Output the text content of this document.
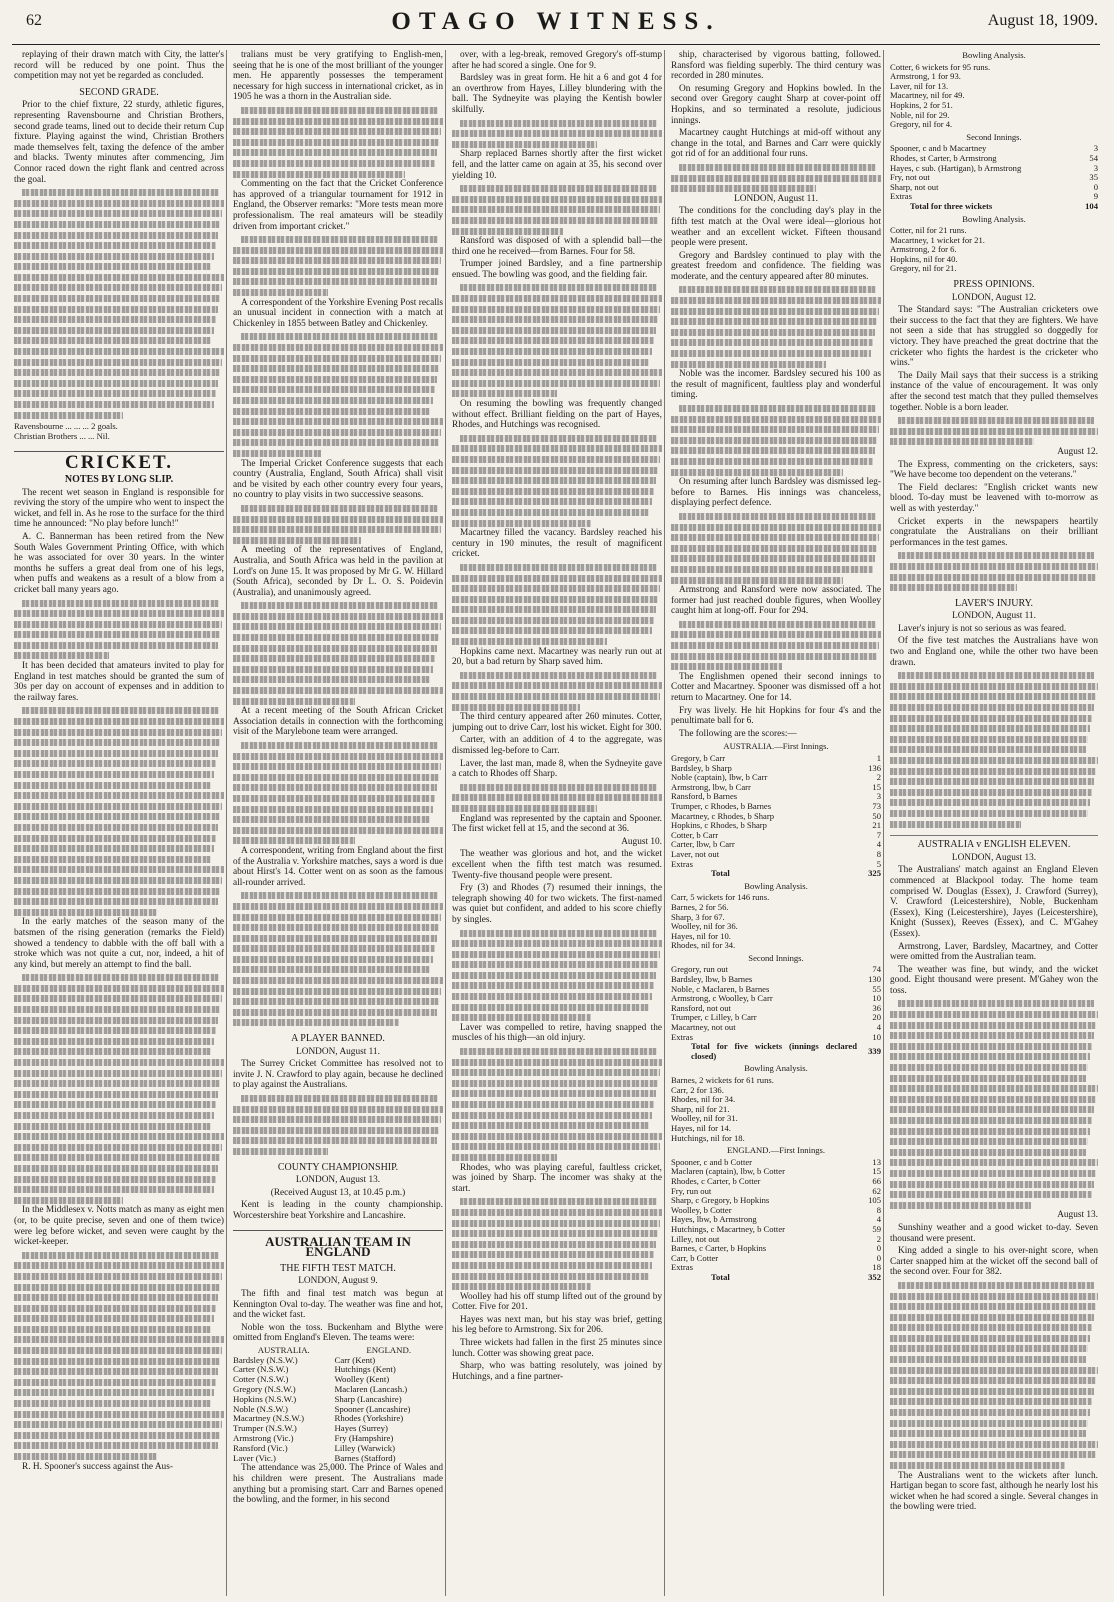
62	OTAGO WITNESS.	August 18, 1909.

replaying of their drawn match with City, the latter's record will be reduced by one point. Thus the competition may not yet be regarded as concluded.

SECOND GRADE.

Prior to the chief fixture, 22 sturdy, athletic figures, representing Ravensbourne and Christian Brothers, second grade teams, lined out to decide their return Cup fixture. Playing against the wind, Christian Brothers made themselves felt, taxing the defence of the amber and blacks. Twenty minutes after commencing, Jim Connor raced down the right flank and centred across the goal.

Ravensbourne ... ... ... 2 goals.
Christian Brothers ... ... Nil.
CRICKET.
NOTES BY LONG SLIP.

The recent wet season in England is responsible for reviving the story of the umpire who went to inspect the wicket, and fell in. As he rose to the surface for the third time he announced: "No play before lunch!"

A. C. Bannerman has been retired from the New South Wales Government Printing Office, with which he was associated for over 30 years. In the winter months he suffers a great deal from one of his legs, when puffs and weakens as a result of a blow from a cricket ball many years ago.

It has been decided that amateurs invited to play for England in test matches should be granted the sum of 30s per day on account of expenses and in addition to the railway fares.

In the early matches of the season many of the batsmen of the rising generation (remarks the Field) showed a tendency to dabble with the off ball with a stroke which was not quite a cut, nor, indeed, a hit of any kind, but merely an attempt to find the ball.

In the Middlesex v. Notts match as many as eight men (or, to be quite precise, seven and one of them twice) were leg before wicket, and seven were caught by the wicket-keeper.

R. H. Spooner's success against the Aus-

tralians must be very gratifying to English-men, seeing that he is one of the most brilliant of the younger men. He apparently possesses the temperament necessary for high success in international cricket, as in 1905 he was a thorn in the Australian side.

Commenting on the fact that the Cricket Conference has approved of a triangular tournament for 1912 in England, the Observer remarks: "More tests mean more professionalism. The real amateurs will be steadily driven from important cricket."

A correspondent of the Yorkshire Evening Post recalls an unusual incident in connection with a match at Chickenley in 1855 between Batley and Chickenley.

The Imperial Cricket Conference suggests that each country (Australia, England, South Africa) shall visit and be visited by each other country every four years, no country to play visits in two successive seasons.

A meeting of the representatives of England, Australia, and South Africa was held in the pavilion at Lord's on June 15. It was proposed by Mr G. W. Hillard (South Africa), seconded by Dr L. O. S. Poidevin (Australia), and unanimously agreed.

At a recent meeting of the South African Cricket Association details in connection with the forthcoming visit of the Marylebone team were arranged.

A correspondent, writing from England about the first of the Australia v. Yorkshire matches, says a word is due about Hirst's 14. Cotter went on as soon as the famous all-rounder arrived.

A PLAYER BANNED.

LONDON, August 11.

The Surrey Cricket Committee has resolved not to invite J. N. Crawford to play again, because he declined to play against the Australians.

COUNTY CHAMPIONSHIP.

LONDON, August 13.

(Received August 13, at 10.45 p.m.)

Kent is leading in the county championship. Worcestershire beat Yorkshire and Lancashire.

AUSTRALIAN TEAM IN ENGLAND
THE FIFTH TEST MATCH.

LONDON, August 9.

The fifth and final test match was begun at Kennington Oval to-day. The weather was fine and hot, and the wicket fast.

Noble won the toss. Buckenham and Blythe were omitted from England's Eleven. The teams were:

AUSTRALIA.	ENGLAND.
Bardsley (N.S.W.)	Carr (Kent)
Carter (N.S.W.)	Hutchings (Kent)
Cotter (N.S.W.)	Woolley (Kent)
Gregory (N.S.W.)	Maclaren (Lancash.)
Hopkins (N.S.W.)	Sharp (Lancashire)
Noble (N.S.W.)	Spooner (Lancashire)
Macartney (N.S.W.)	Rhodes (Yorkshire)
Trumper (N.S.W.)	Hayes (Surrey)
Armstrong (Vic.)	Fry (Hampshire)
Ransford (Vic.)	Lilley (Warwick)
Laver (Vic.)	Barnes (Stafford)

The attendance was 25,000. The Prince of Wales and his children were present. The Australians made anything but a promising start. Carr and Barnes opened the bowling, and the former, in his second

over, with a leg-break, removed Gregory's off-stump after he had scored a single. One for 9.

Bardsley was in great form. He hit a 6 and got 4 for an overthrow from Hayes, Lilley blundering with the ball. The Sydneyite was playing the Kentish bowler skilfully.

Sharp replaced Barnes shortly after the first wicket fell, and the latter came on again at 35, his second over yielding 10.

Ransford was disposed of with a splendid ball—the third one he received—from Barnes. Four for 58.

Trumper joined Bardsley, and a fine partnership ensued. The bowling was good, and the fielding fair.

On resuming the bowling was frequently changed without effect. Brilliant fielding on the part of Hayes, Rhodes, and Hutchings was recognised.

Macartney filled the vacancy. Bardsley reached his century in 190 minutes, the result of magnificent cricket.

Hopkins came next. Macartney was nearly run out at 20, but a bad return by Sharp saved him.

The third century appeared after 260 minutes. Cotter, jumping out to drive Carr, lost his wicket. Eight for 300.

Carter, with an addition of 4 to the aggregate, was dismissed leg-before to Carr.

Laver, the last man, made 8, when the Sydneyite gave a catch to Rhodes off Sharp.

England was represented by the captain and Spooner. The first wicket fell at 15, and the second at 36.

August 10.

The weather was glorious and hot, and the wicket excellent when the fifth test match was resumed. Twenty-five thousand people were present.

Fry (3) and Rhodes (7) resumed their innings, the telegraph showing 40 for two wickets. The first-named was quiet but confident, and added to his score chiefly by singles.

Laver was compelled to retire, having snapped the muscles of his thigh—an old injury.

Rhodes, who was playing careful, faultless cricket, was joined by Sharp. The incomer was shaky at the start.

Woolley had his off stump lifted out of the ground by Cotter. Five for 201.

Hayes was next man, but his stay was brief, getting his leg before to Armstrong. Six for 206.

Three wickets had fallen in the first 25 minutes since lunch. Cotter was showing great pace.

Sharp, who was batting resolutely, was joined by Hutchings, and a fine partner-

ship, characterised by vigorous batting, followed. Ransford was fielding superbly. The third century was recorded in 280 minutes.

On resuming Gregory and Hopkins bowled. In the second over Gregory caught Sharp at cover-point off Hopkins, and so terminated a resolute, judicious innings.

Macartney caught Hutchings at mid-off without any change in the total, and Barnes and Carr were quickly got rid of for an additional four runs.

LONDON, August 11.

The conditions for the concluding day's play in the fifth test match at the Oval were ideal—glorious hot weather and an excellent wicket. Fifteen thousand people were present.

Gregory and Bardsley continued to play with the greatest freedom and confidence. The fielding was moderate, and the century appeared after 80 minutes.

Noble was the incomer. Bardsley secured his 100 as the result of magnificent, faultless play and wonderful timing.

On resuming after lunch Bardsley was dismissed leg-before to Barnes. His innings was chanceless, displaying perfect defence.

Armstrong and Ransford were now associated. The former had just reached double figures, when Woolley caught him at long-off. Four for 294.

The Englishmen opened their second innings to Cotter and Macartney. Spooner was dismissed off a hot return to Macartney. One for 14.

Fry was lively. He hit Hopkins for four 4's and the penultimate ball for 6.

The following are the scores:—

AUSTRALIA.—First Innings.

Gregory, b Carr	1
Bardsley, b Sharp	136
Noble (captain), lbw, b Carr	2
Armstrong, lbw, b Carr	15
Ransford, b Barnes	3
Trumper, c Rhodes, b Barnes	73
Macartney, c Rhodes, b Sharp	50
Hopkins, c Rhodes, b Sharp	21
Cotter, b Carr	7
Carter, lbw, b Carr	4
Laver, not out	8
Extras	5
Total	325

Bowling Analysis.

Carr, 5 wickets for 146 runs.
Barnes, 2 for 56.
Sharp, 3 for 67.
Woolley, nil for 36.
Hayes, nil for 10.
Rhodes, nil for 34.

Second Innings.

Gregory, run out	74
Bardsley, lbw, b Barnes	130
Noble, c Maclaren, b Barnes	55
Armstrong, c Woolley, b Carr	10
Ransford, not out	36
Trumper, c Lilley, b Carr	20
Macartney, not out	4
Extras	10
Total for five wickets (innings declared closed)	339

Bowling Analysis.

Barnes, 2 wickets for 61 runs.
Carr, 2 for 136.
Rhodes, nil for 34.
Sharp, nil for 21.
Woolley, nil for 31.
Hayes, nil for 14.
Hutchings, nil for 18.

ENGLAND.—First Innings.

Spooner, c and b Cotter	13
Maclaren (captain), lbw, b Cotter	15
Rhodes, c Carter, b Cotter	66
Fry, run out	62
Sharp, c Gregory, b Hopkins	105
Woolley, b Cotter	8
Hayes, lbw, b Armstrong	4
Hutchings, c Macartney, b Cotter	59
Lilley, not out	2
Barnes, c Carter, b Hopkins	0
Carr, b Cotter	0
Extras	18
Total	352

Bowling Analysis.

Cotter, 6 wickets for 95 runs.
Armstrong, 1 for 93.
Laver, nil for 13.
Macartney, nil for 49.
Hopkins, 2 for 51.
Noble, nil for 29.
Gregory, nil for 4.

Second Innings.

Spooner, c and b Macartney	3
Rhodes, st Carter, b Armstrong	54
Hayes, c sub. (Hartigan), b Armstrong	3
Fry, not out	35
Sharp, not out	0
Extras	9
Total for three wickets	104

Bowling Analysis.

Cotter, nil for 21 runs.
Macartney, 1 wicket for 21.
Armstrong, 2 for 6.
Hopkins, nil for 40.
Gregory, nil for 21.
PRESS OPINIONS.

LONDON, August 12.

The Standard says: "The Australian cricketers owe their success to the fact that they are fighters. We have not seen a side that has struggled so doggedly for victory. They have preached the great doctrine that the cricketer who fights the hardest is the cricketer who wins."

The Daily Mail says that their success is a striking instance of the value of encouragement. It was only after the second test match that they pulled themselves together. Noble is a born leader.

August 12.

The Express, commenting on the cricketers, says: "We have become too dependent on the veterans."

The Field declares: "English cricket wants new blood. To-day must be leavened with to-morrow as well as with yesterday."

Cricket experts in the newspapers heartily congratulate the Australians on their brilliant performances in the test games.

LAVER'S INJURY.

LONDON, August 11.

Laver's injury is not so serious as was feared.

Of the five test matches the Australians have won two and England one, while the other two have been drawn.

AUSTRALIA v ENGLISH ELEVEN.

LONDON, August 13.

The Australians' match against an England Eleven commenced at Blackpool today. The home team comprised W. Douglas (Essex), J. Crawford (Surrey), V. Crawford (Leicestershire), Noble, Buckenham (Essex), King (Leicestershire), Jayes (Leicestershire), Knight (Sussex), Reeves (Essex), and C. M'Gahey (Essex).

Armstrong, Laver, Bardsley, Macartney, and Cotter were omitted from the Australian team.

The weather was fine, but windy, and the wicket good. Eight thousand were present. M'Gahey won the toss.

August 13.

Sunshiny weather and a good wicket to-day. Seven thousand were present.

King added a single to his over-night score, when Carter snapped him at the wicket off the second ball of the second over. Four for 382.

The Australians went to the wickets after lunch. Hartigan began to score fast, although he nearly lost his wicket when he had scored a single. Several changes in the bowling were tried.
